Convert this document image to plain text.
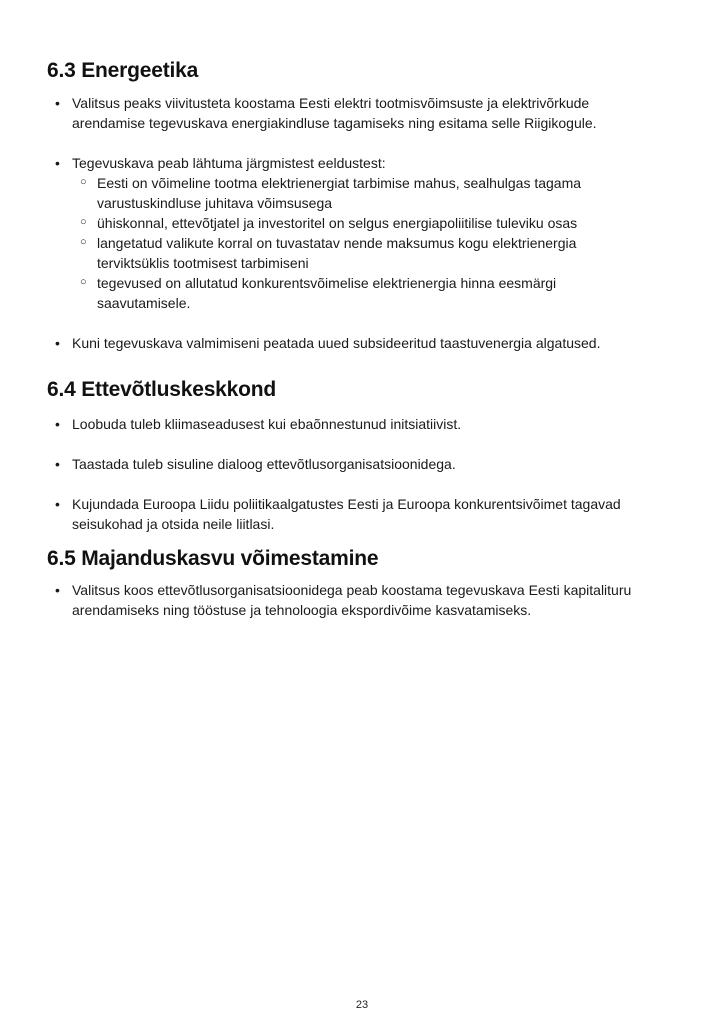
6.3 Energeetika
• Valitsus peaks viivitusteta koostama Eesti elektri tootmisvõimsuste ja elektrivõrkude
arendamise tegevuskava energiakindluse tagamiseks ning esitama selle Riigikogule.
• Tegevuskava peab lähtuma järgmistest eeldustest:
○ Eesti on võimeline tootma elektrienergiat tarbimise mahus, sealhulgas tagama
varustuskindluse juhitava võimsusega
○ ühiskonnal, ettevõtjatel ja investoritel on selgus energiapoliitilise tuleviku osas
○ langetatud valikute korral on tuvastatav nende maksumus kogu elektrienergia
terviktsüklis tootmisest tarbimiseni
○ tegevused on allutatud konkurentsvõimelise elektrienergia hinna eesmärgi
saavutamisele.
• Kuni tegevuskava valmimiseni peatada uued subsideeritud taastuvenergia algatused.
6.4 Ettevõtluskeskkond
• Loobuda tuleb kliimaseadusest kui ebaõnnestunud initsiatiivist.
• Taastada tuleb sisuline dialoog ettevõtlusorganisatsioonidega.
• Kujundada Euroopa Liidu poliitikaalgatustes Eesti ja Euroopa konkurentsivõimet tagavad
seisukohad ja otsida neile liitlasi.
6.5 Majanduskasvu võimestamine
• Valitsus koos ettevõtlusorganisatsioonidega peab koostama tegevuskava Eesti kapitalituru
arendamiseks ning tööstuse ja tehnoloogia ekspordivõime kasvatamiseks.
23
